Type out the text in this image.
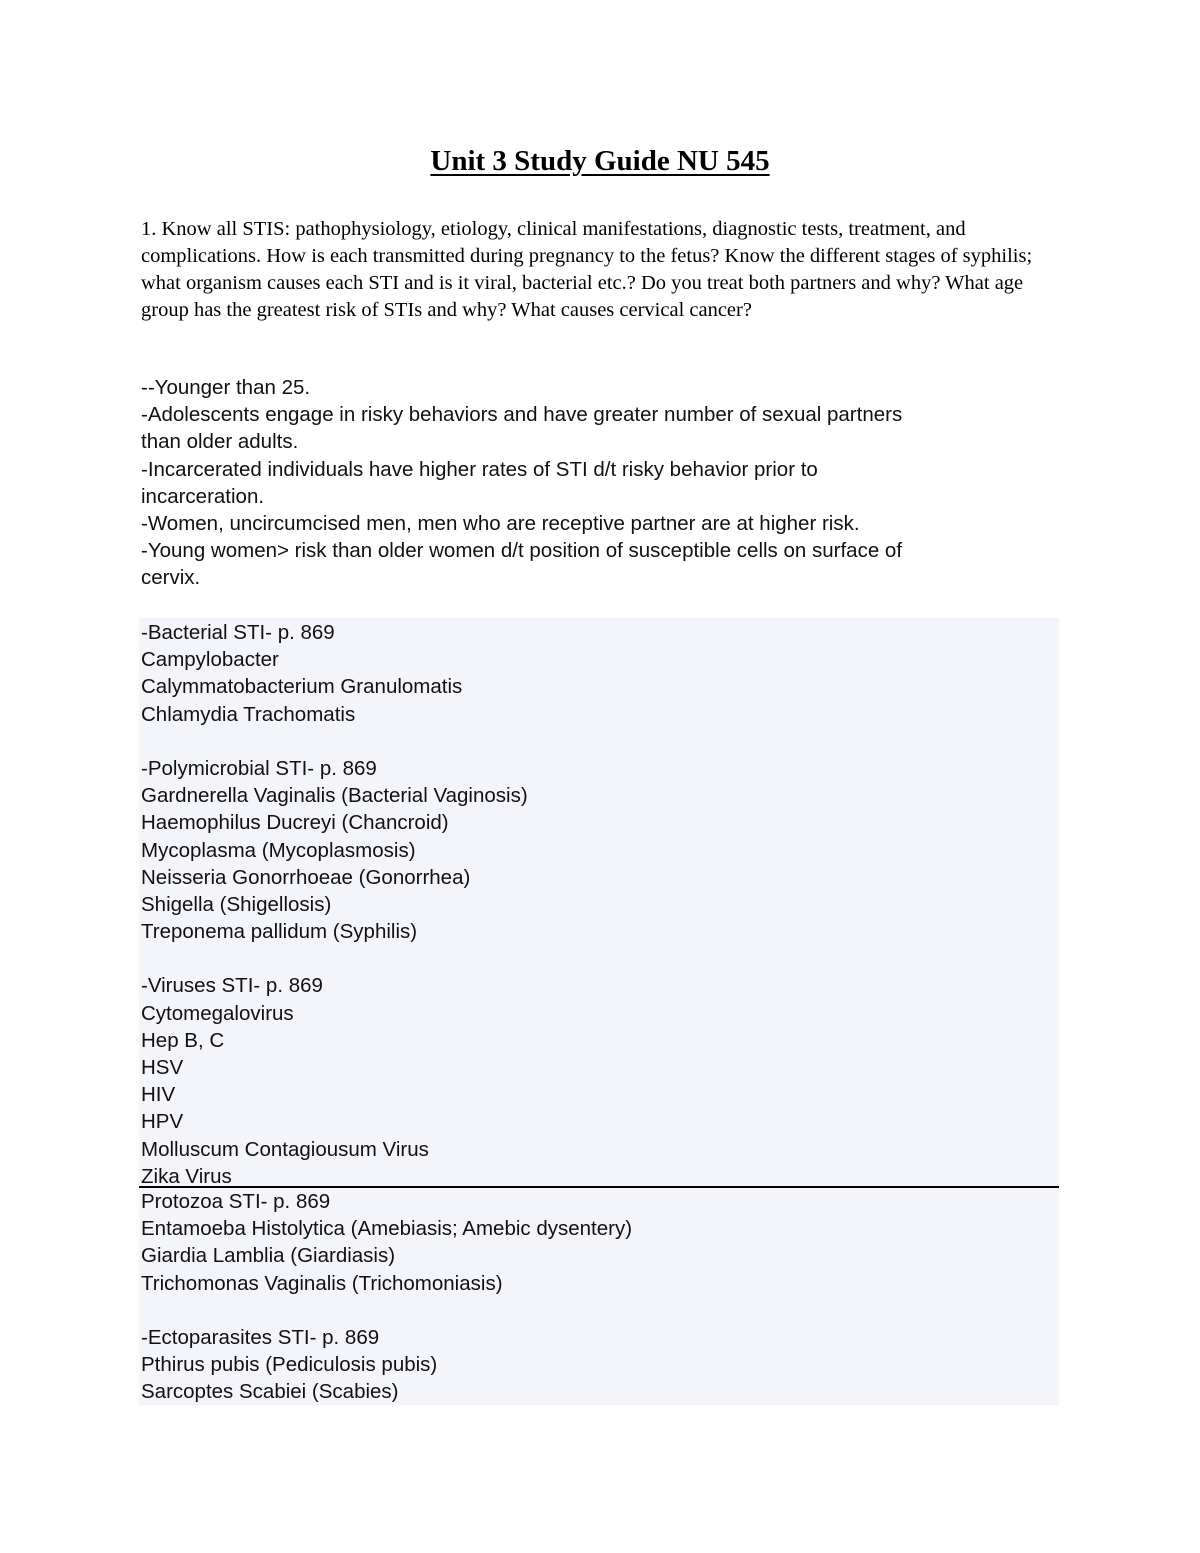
Unit 3 Study Guide NU 545

1. Know all STIS: pathophysiology, etiology, clinical manifestations, diagnostic tests, treatment, and complications. How is each transmitted during pregnancy to the fetus? Know the different stages of syphilis; what organism causes each STI and is it viral, bacterial etc.? Do you treat both partners and why? What age group has the greatest risk of STIs and why? What causes cervical cancer?

--Younger than 25.
-Adolescents engage in risky behaviors and have greater number of sexual partners
than older adults.
-Incarcerated individuals have higher rates of STI d/t risky behavior prior to
incarceration.
-Women, uncircumcised men, men who are receptive partner are at higher risk.
-Young women> risk than older women d/t position of susceptible cells on surface of
cervix.
-Bacterial STI- p. 869
Campylobacter
Calymmatobacterium Granulomatis
Chlamydia Trachomatis
-Polymicrobial STI- p. 869
Gardnerella Vaginalis (Bacterial Vaginosis)
Haemophilus Ducreyi (Chancroid)
Mycoplasma (Mycoplasmosis)
Neisseria Gonorrhoeae (Gonorrhea)
Shigella (Shigellosis)
Treponema pallidum (Syphilis)
-Viruses STI- p. 869
Cytomegalovirus
Hep B, C
HSV
HIV
HPV
Molluscum Contagiousum Virus
Zika Virus
Protozoa STI- p. 869
Entamoeba Histolytica (Amebiasis; Amebic dysentery)
Giardia Lamblia (Giardiasis)
Trichomonas Vaginalis (Trichomoniasis)
-Ectoparasites STI- p. 869
Pthirus pubis (Pediculosis pubis)
Sarcoptes Scabiei (Scabies)
